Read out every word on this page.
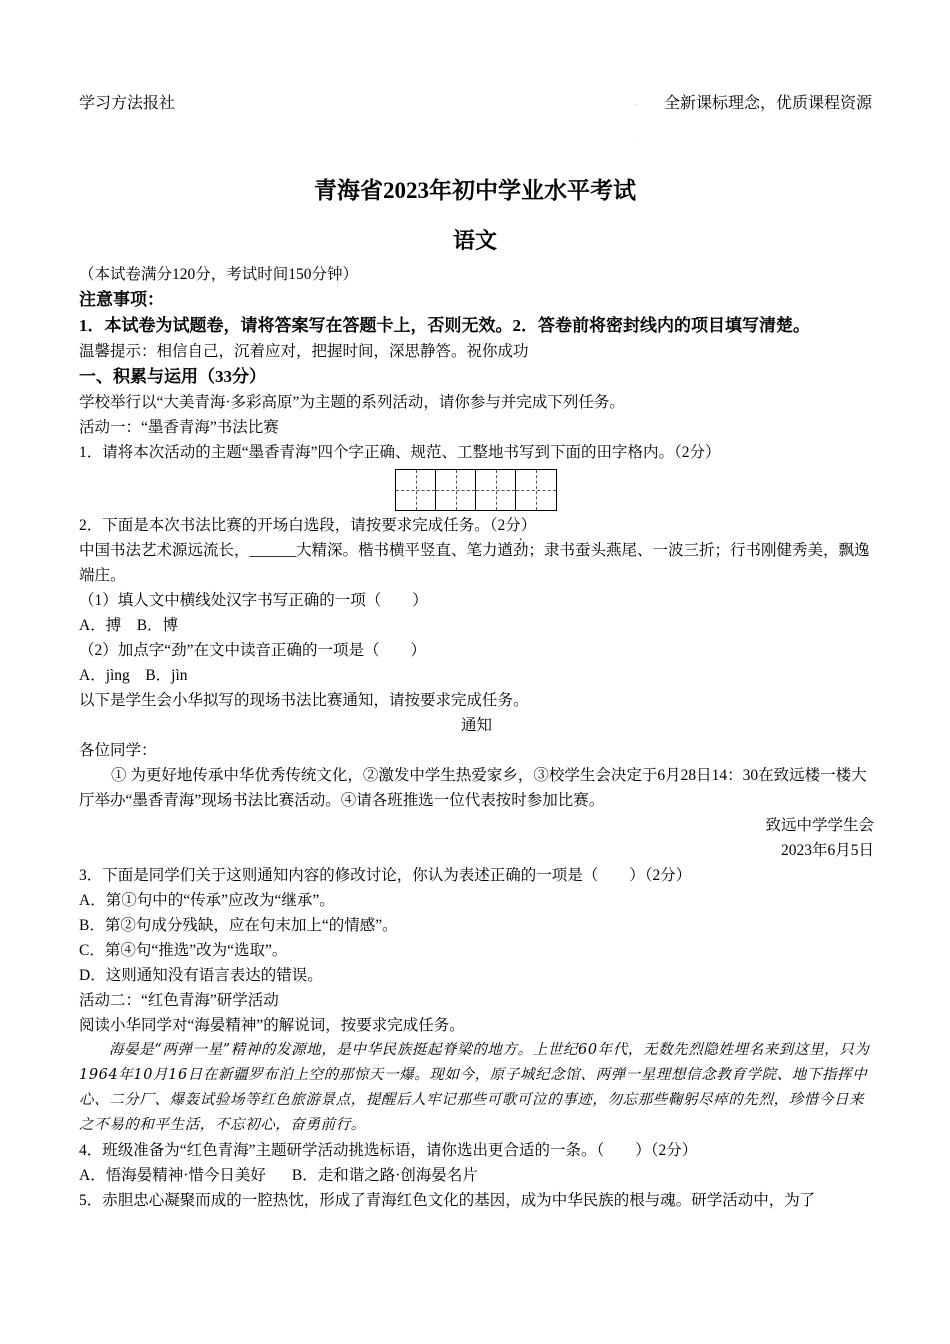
学习方法报社	.
·
全新课标理念，优质课程资源
青海省2023年初中学业水平考试
语文
（本试卷满分120分，考试时间150分钟）
注意事项：
1．本试卷为试题卷，请将答案写在答题卡上，否则无效。2．答卷前将密封线内的项目填写清楚。
温馨提示：相信自己，沉着应对，把握时间，深思静答。祝你成功
一、积累与运用（33分）
学校举行以“大美青海·多彩高原”为主题的系列活动，请你参与并完成下列任务。
活动一：“墨香青海”书法比赛
1．请将本次活动的主题“墨香青海”四个字正确、规范、工整地书写到下面的田字格内。（2分）
2．下面是本次书法比赛的开场白选段，请按要求完成任务。（2分）
中国书法艺术源远流长，______大精深。楷书横平竖直、笔力遒劲；隶书蚕头燕尾、一波三折；行书刚健秀美，飘逸端庄。
（1）填人文中横线处汉字书写正确的一项（　　）
A．搏　 B．博
（2）加点字“劲”在文中读音正确的一项是（　　）
A．jìng　 B．jìn
以下是学生会小华拟写的现场书法比赛通知，请按要求完成任务。
通知
各位同学：
① 为更好地传承中华优秀传统文化，②激发中学生热爱家乡，③校学生会决定于6月28日14：30在致远楼一楼大厅举办“墨香青海”现场书法比赛活动。④请各班推选一位代表按时参加比赛。
致远中学学生会
2023年6月5日
3．下面是同学们关于这则通知内容的修改讨论，你认为表述正确的一项是（　　）（2分）
A．第①句中的“传承”应改为“继承”。
B．第②句成分残缺，应在句末加上“的情感”。
C．第④句“推选”改为“选取”。
D．这则通知没有语言表达的错误。
活动二：“红色青海”研学活动
阅读小华同学对“海晏精神”的解说词，按要求完成任务。
海晏是“两弹一星”精神的发源地，是中华民族挺起脊梁的地方。上世纪60年代，无数先烈隐姓埋名来到这里，只为1964年10月16日在新疆罗布泊上空的那惊天一爆。现如今，原子城纪念馆、两弹一星理想信念教育学院、地下指挥中心、二分厂、爆轰试验场等红色旅游景点，提醒后人牢记那些可歌可泣的事迹，勿忘那些鞠躬尽瘁的先烈，珍惜今日来之不易的和平生活，不忘初心，奋勇前行。
4．班级准备为“红色青海”主题研学活动挑选标语，请你选出更合适的一条。（　　）（2分）
A．悟海晏精神·惜今日美好 B．走和谐之路·创海晏名片
5．赤胆忠心凝聚而成的一腔热忱，形成了青海红色文化的基因，成为中华民族的根与魂。研学活动中，为了
